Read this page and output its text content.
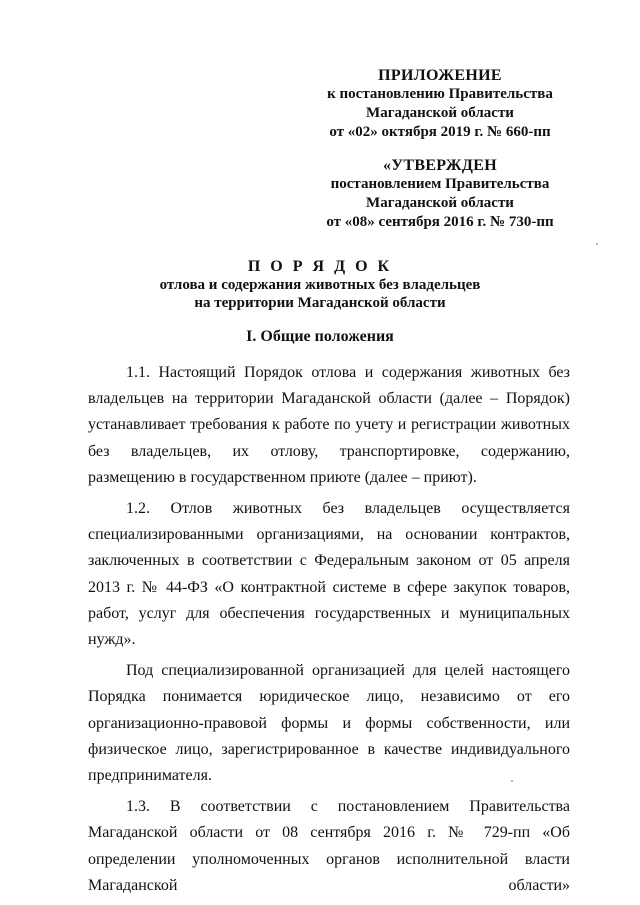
ПРИЛОЖЕНИЕ
к постановлению Правительства
Магаданской области
от «02» октября 2019 г. № 660-пп
«УТВЕРЖДЕН
постановлением Правительства
Магаданской области
от «08» сентября 2016 г. № 730-пп
П О Р Я Д О К
отлова и содержания животных без владельцев
на территории Магаданской области
I. Общие положения

1.1. Настоящий Порядок отлова и содержания животных без владельцев на территории Магаданской области (далее – Порядок) устанавливает требования к работе по учету и регистрации животных без владельцев, их отлову, транспортировке, содержанию, размещению в государственном приюте (далее – приют).

1.2. Отлов животных без владельцев осуществляется специализированными организациями, на основании контрактов, заключенных в соответствии с Федеральным законом от 05 апреля 2013 г. № 44-ФЗ «О контрактной системе в сфере закупок товаров, работ, услуг для обеспечения государственных и муниципальных нужд».

Под специализированной организацией для целей настоящего Порядка понимается юридическое лицо, независимо от его организационно-правовой формы и формы собственности, или физическое лицо, зарегистрированное в качестве индивидуального предпринимателя.

1.3. В соответствии с постановлением Правительства Магаданской области от 08 сентября 2016 г. № 729-пп «Об определении уполномоченных органов исполнительной власти Магаданской области»
